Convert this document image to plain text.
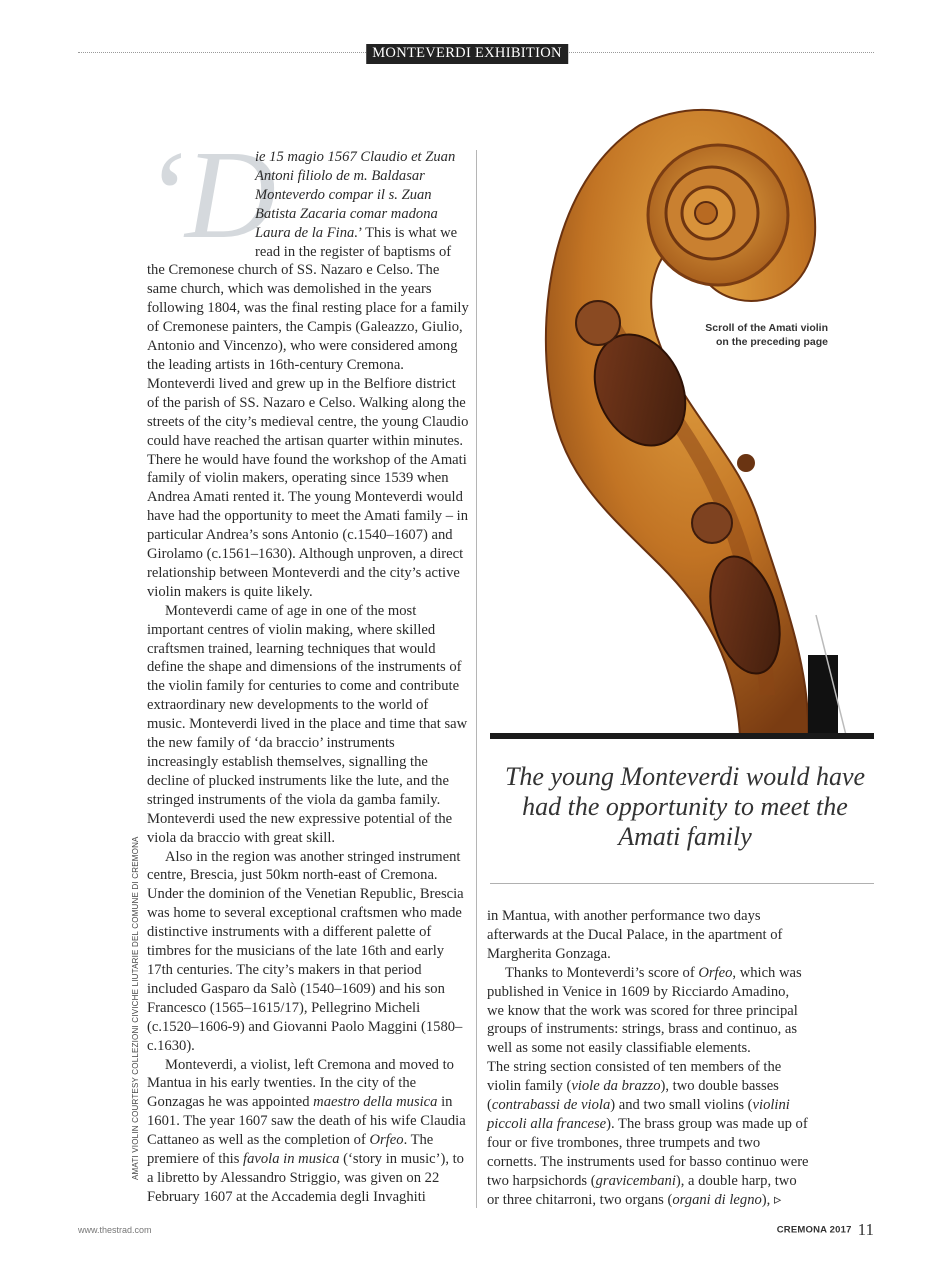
MONTEVERDI EXHIBITION

‘D
ie 15 magio 1567 Claudio et Zuan Antoni filiolo de m. Baldasar Monteverdo compar il s. Zuan Batista Zacaria comar madona Laura de la Fina.’ This is what we read in the register of baptisms of the Cremonese church of SS. Nazaro e Celso. The same church, which was demolished in the years following 1804, was the final resting place for a family of Cremonese painters, the Campis (Galeazzo, Giulio, Antonio and Vincenzo), who were considered among the leading artists in 16th-century Cremona. Monteverdi lived and grew up in the Belfiore district of the parish of SS. Nazaro e Celso. Walking along the streets of the city’s medieval centre, the young Claudio could have reached the artisan quarter within minutes. There he would have found the workshop of the Amati family of violin makers, operating since 1539 when Andrea Amati rented it. The young Monteverdi would have had the opportunity to meet the Amati family – in particular Andrea’s sons Antonio (c.1540–1607) and Girolamo (c.1561–1630). Although unproven, a direct relationship between Monteverdi and the city’s active violin makers is quite likely.

Monteverdi came of age in one of the most important centres of violin making, where skilled craftsmen trained, learning techniques that would define the shape and dimensions of the instruments of the violin family for centuries to come and contribute extraordinary new developments to the world of music. Monteverdi lived in the place and time that saw the new family of ‘da braccio’ instruments increasingly establish themselves, signalling the decline of plucked instruments like the lute, and the stringed instruments of the viola da gamba family. Monteverdi used the new expressive potential of the viola da braccio with great skill.

Also in the region was another stringed instrument centre, Brescia, just 50km north-east of Cremona. Under the dominion of the Venetian Republic, Brescia was home to several exceptional craftsmen who made distinctive instruments with a different palette of timbres for the musicians of the late 16th and early 17th centuries. The city’s makers in that period included Gasparo da Salò (1540–1609) and his son Francesco (1565–1615/17), Pellegrino Micheli (c.1520–1606-9) and Giovanni Paolo Maggini (1580–c.1630).

Monteverdi, a violist, left Cremona and moved to Mantua in his early twenties. In the city of the Gonzagas he was appointed maestro della musica in 1601. The year 1607 saw the death of his wife Claudia Cattaneo as well as the completion of Orfeo. The premiere of this favola in musica (‘story in music’), to a libretto by Alessandro Striggio, was given on 22 February 1607 at the Accademia degli Invaghiti

Scroll of the Amati violin on the preceding page
The young Monteverdi would have had the opportunity to meet the Amati family

in Mantua, with another performance two days afterwards at the Ducal Palace, in the apartment of Margherita Gonzaga.

Thanks to Monteverdi’s score of Orfeo, which was published in Venice in 1609 by Ricciardo Amadino, we know that the work was scored for three principal groups of instruments: strings, brass and continuo, as well as some not easily classifiable elements.

The string section consisted of ten members of the violin family (viole da brazzo), two double basses (contrabassi de viola) and two small violins (violini piccoli alla francese). The brass group was made up of four or five trombones, three trumpets and two cornetts. The instruments used for basso continuo were two harpsichords (gravicembani), a double harp, two or three chitarroni, two organs (organi di legno), ▹

AMATI VIOLIN COURTESY COLLEZIONI CIVICHE LIUTARIE DEL COMUNE DI CREMONA
www.thestrad.com	CREMONA 2017 11
